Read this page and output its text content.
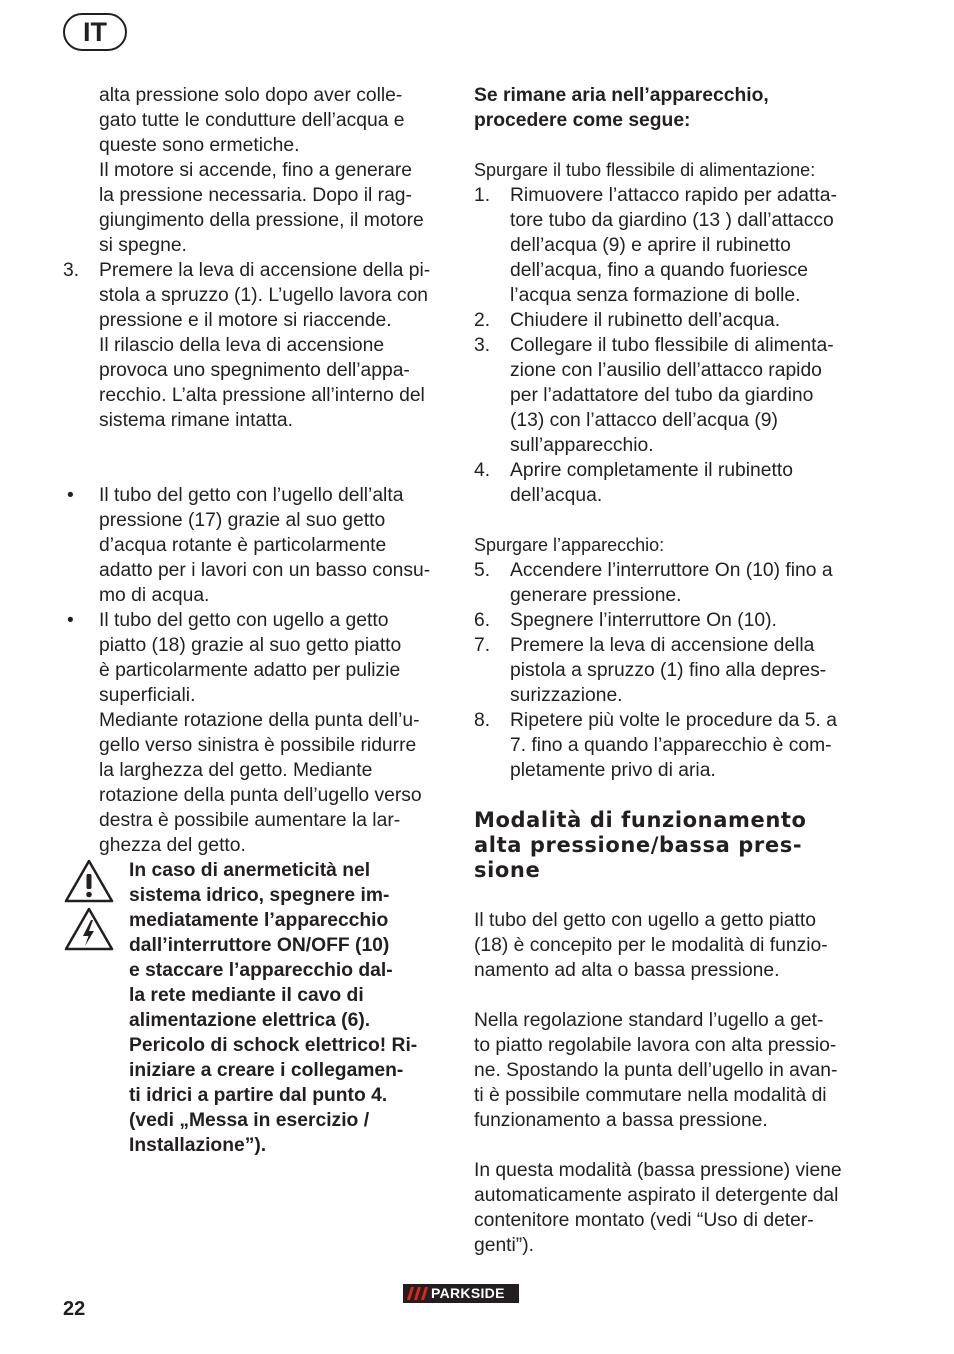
IT

alta pressione solo dopo aver colle-

gato tutte le condutture dell’acqua e

queste sono ermetiche.

Il motore si accende, fino a generare

la pressione necessaria. Dopo il rag-

giungimento della pressione, il motore

si spegne.

3.	Premere la leva di accensione della pi-

stola a spruzzo (1). L’ugello lavora con

pressione e il motore si riaccende.

Il rilascio della leva di accensione

provoca uno spegnimento dell’appa-

recchio. L’alta pressione all’interno del

sistema rimane intatta.

•	Il tubo del getto con l’ugello dell’alta

pressione (17) grazie al suo getto

d’acqua rotante è particolarmente

adatto per i lavori con un basso consu-

mo di acqua.

•	Il tubo del getto con ugello a getto

piatto (18) grazie al suo getto piatto

è particolarmente adatto per pulizie

superficiali.

Mediante rotazione della punta dell’u-

gello verso sinistra è possibile ridurre

la larghezza del getto. Mediante

rotazione della punta dell’ugello verso

destra è possibile aumentare la lar-

ghezza del getto.

In caso di anermeticità nel

sistema idrico, spegnere im-

mediatamente l’apparecchio

dall’interruttore ON/OFF (10)

e staccare l’apparecchio dal-

la rete mediante il cavo di

alimentazione elettrica (6).

Pericolo di schock elettrico! Ri-

iniziare a creare i collegamen-

ti idrici a partire dal punto 4.

(vedi „Messa in esercizio /

Installazione”).

Se rimane aria nell’apparecchio,

procedere come segue:

Spurgare il tubo flessibile di alimentazione:

1.	Rimuovere l’attacco rapido per adatta-

tore tubo da giardino (13 ) dall’attacco

dell’acqua (9) e aprire il rubinetto

dell’acqua, fino a quando fuoriesce

l’acqua senza formazione di bolle.

2.	Chiudere il rubinetto dell’acqua.

3.	Collegare il tubo flessibile di alimenta-

zione con l’ausilio dell’attacco rapido

per l’adattatore del tubo da giardino

(13) con l’attacco dell’acqua (9)

sull’apparecchio.

4.	Aprire completamente il rubinetto

dell’acqua.

Spurgare l’apparecchio:

5.	Accendere l’interruttore On (10) fino a

generare pressione.

6.	Spegnere l’interruttore On (10).

7.	Premere la leva di accensione della

pistola a spruzzo (1) fino alla depres-

surizzazione.

8.	Ripetere più volte le procedure da 5. a

7. fino a quando l’apparecchio è com-

pletamente privo di aria.

Modalità di funzionamento

alta pressione/bassa pres-

sione

Il tubo del getto con ugello a getto piatto

(18) è concepito per le modalità di funzio-

namento ad alta o bassa pressione.

Nella regolazione standard l’ugello a get-

to piatto regolabile lavora con alta pressio-

ne. Spostando la punta dell’ugello in avan-

ti è possibile commutare nella modalità di

funzionamento a bassa pressione.

In questa modalità (bassa pressione) viene

automaticamente aspirato il detergente dal

contenitore montato (vedi “Uso di deter-

genti”).

22
PARKSIDE
